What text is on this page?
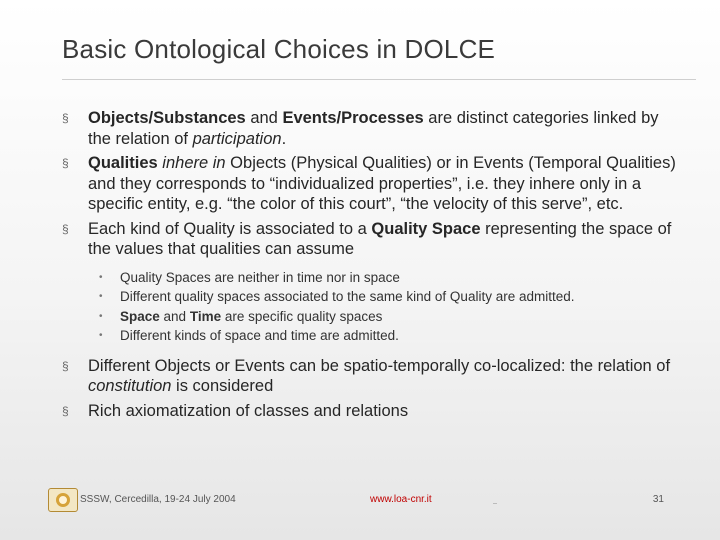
Basic Ontological Choices in DOLCE
§ Objects/Substances and Events/Processes are distinct categories linked by the relation of participation.
§ Qualities inhere in Objects (Physical Qualities) or in Events (Temporal Qualities) and they corresponds to “individualized properties”, i.e. they inhere only in a specific entity, e.g. “the color of this court”, “the velocity of this serve”, etc.
§ Each kind of Quality is associated to a Quality Space representing the space of the values that qualities can assume
• Quality Spaces are neither in time nor in space
• Different quality spaces associated to the same kind of Quality are admitted.
• Space and Time are specific quality spaces
• Different kinds of space and time are admitted.
§ Different Objects or Events can be spatio-temporally co-localized: the relation of constitution is considered
§ Rich axiomatization of classes and relations
SSSW, Cercedilla, 19-24 July 2004	www.loa-cnr.it	31
